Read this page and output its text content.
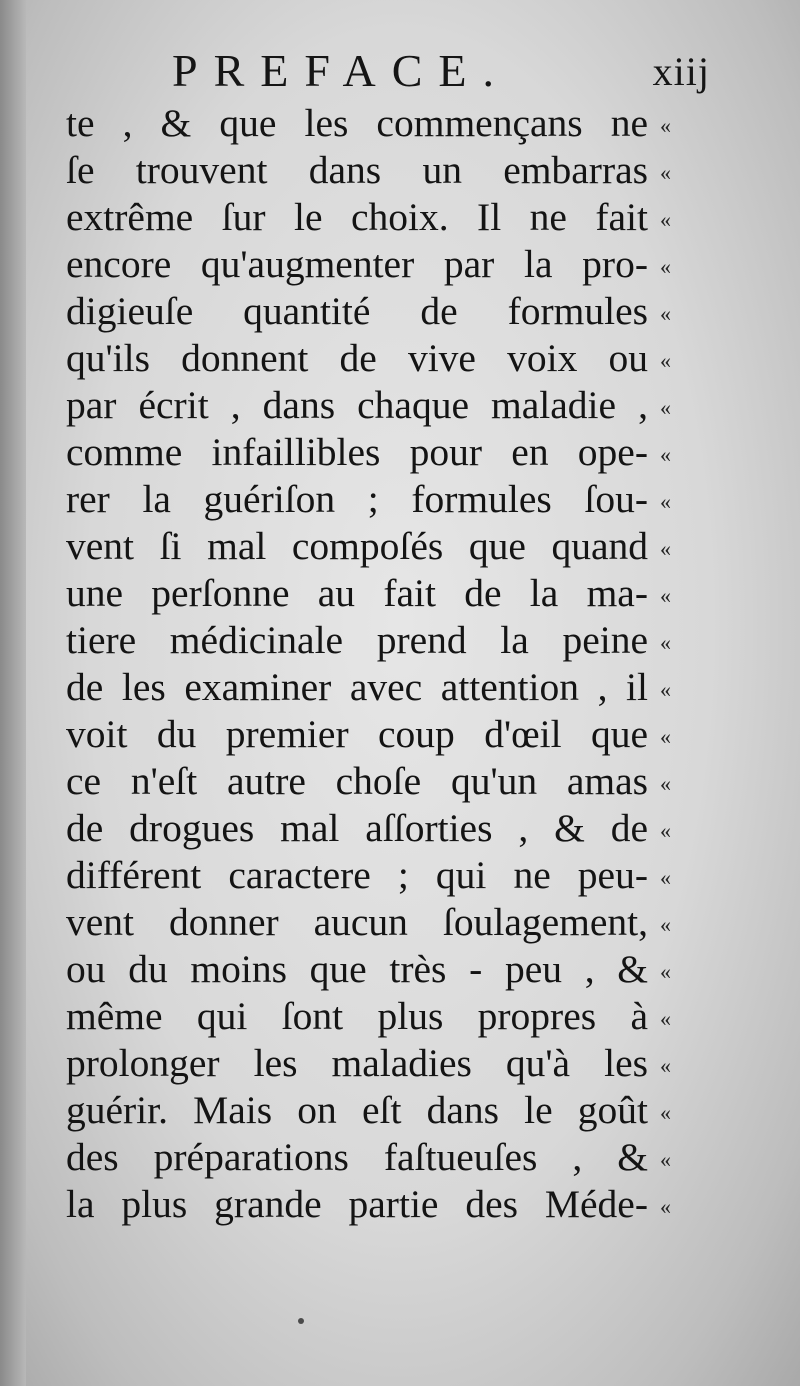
PREFACE.	xiij
te , & que les commençans ne «
ſe trouvent dans un embarras «
extrême ſur le choix. Il ne fait «
encore qu'augmenter par la pro- «
digieuſe quantité de formules «
qu'ils donnent de vive voix ou «
par écrit , dans chaque maladie , «
comme infaillibles pour en ope- «
rer la guériſon ; formules ſou- «
vent ſi mal compoſés que quand «
une perſonne au fait de la ma- «
tiere médicinale prend la peine «
de les examiner avec attention , il «
voit du premier coup d'œil que «
ce n'eſt autre choſe qu'un amas «
de drogues mal aſſorties , & de «
différent caractere ; qui ne peu- «
vent donner aucun ſoulagement, «
ou du moins que très - peu , & «
même qui ſont plus propres à «
prolonger les maladies qu'à les «
guérir. Mais on eſt dans le goût «
des préparations faſtueuſes , & «
la plus grande partie des Méde- «
